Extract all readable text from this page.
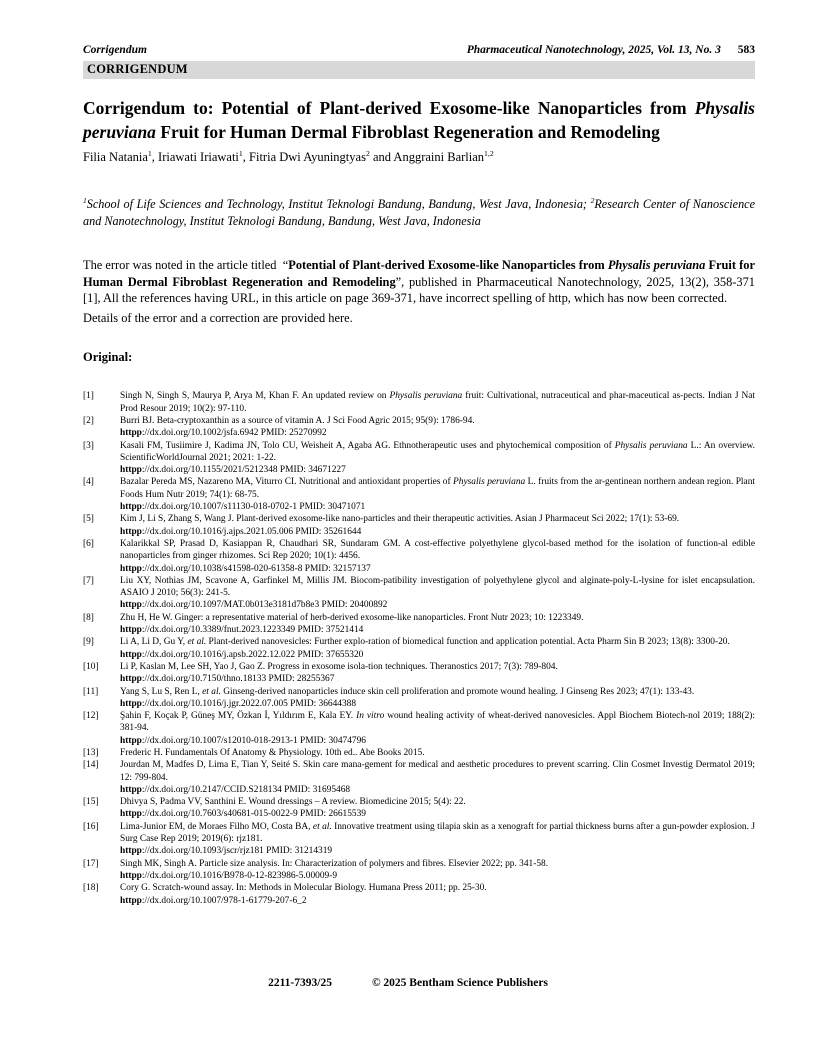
Corrigendum	Pharmaceutical Nanotechnology, 2025, Vol. 13, No. 3 583
CORRIGENDUM
Corrigendum to: Potential of Plant-derived Exosome-like Nanoparticles from Physalis peruviana Fruit for Human Dermal Fibroblast Regeneration and Remodeling
Filia Natania$^1$, Iriawati Iriawati$^1$, Fitria Dwi Ayuningtyas$^2$ and Anggraini Barlian$^{1,2}$
$^1$School of Life Sciences and Technology, Institut Teknologi Bandung, Bandung, West Java, Indonesia; $^2$Research Center of Nanoscience and Nanotechnology, Institut Teknologi Bandung, Bandung, West Java, Indonesia

The error was noted in the article titled  “Potential of Plant-derived Exosome-like Nanoparticles from Physalis peruviana Fruit for Human Dermal Fibroblast Regeneration and Remodeling”, published in Pharmaceutical Nanotechnology, 2025, 13(2), 358-371 [1], All the references having URL, in this article on page 369-371, have incorrect spelling of http, which has now been corrected.

Details of the error and a correction are provided here.

Original:
[1]	Singh N, Singh S, Maurya P, Arya M, Khan F. An updated review on Physalis peruviana fruit: Cultivational, nutraceutical and phar-maceutical as-pects. Indian J Nat Prod Resour 2019; 10(2): 97-110.
[2]	Burri BJ. Beta-cryptoxanthin as a source of vitamin A. J Sci Food Agric 2015; 95(9): 1786-94.
httpp://dx.doi.org/10.1002/jsfa.6942 PMID: 25270992
[3]	Kasali FM, Tusiimire J, Kadima JN, Tolo CU, Weisheit A, Agaba AG. Ethnotherapeutic uses and phytochemical composition of Physalis peruviana L.: An overview. ScientificWorldJournal 2021; 2021: 1-22.
httpp://dx.doi.org/10.1155/2021/5212348 PMID: 34671227
[4]	Bazalar Pereda MS, Nazareno MA, Viturro CI. Nutritional and antioxidant properties of Physalis peruviana L. fruits from the ar-gentinean northern andean region. Plant Foods Hum Nutr 2019; 74(1): 68-75.
httpp://dx.doi.org/10.1007/s11130-018-0702-1 PMID: 30471071
[5]	Kim J, Li S, Zhang S, Wang J. Plant-derived exosome-like nano-particles and their therapeutic activities. Asian J Pharmaceut Sci 2022; 17(1): 53-69.
httpp://dx.doi.org/10.1016/j.ajps.2021.05.006 PMID: 35261644
[6]	Kalarikkal SP, Prasad D, Kasiappan R, Chaudhari SR, Sundaram GM. A cost-effective polyethylene glycol-based method for the isolation of function-al edible nanoparticles from ginger rhizomes. Sci Rep 2020; 10(1): 4456.
httpp://dx.doi.org/10.1038/s41598-020-61358-8 PMID: 32157137
[7]	Liu XY, Nothias JM, Scavone A, Garfinkel M, Millis JM. Biocom-patibility investigation of polyethylene glycol and alginate-poly-L-lysine for islet encapsulation. ASAIO J 2010; 56(3): 241-5.
httpp://dx.doi.org/10.1097/MAT.0b013e3181d7b8e3 PMID: 20400892
[8]	Zhu H, He W. Ginger: a representative material of herb-derived exosome-like nanoparticles. Front Nutr 2023; 10: 1223349.
httpp://dx.doi.org/10.3389/fnut.2023.1223349 PMID: 37521414
[9]	Li A, Li D, Gu Y, et al. Plant-derived nanovesicles: Further explo-ration of biomedical function and application potential. Acta Pharm Sin B 2023; 13(8): 3300-20.
httpp://dx.doi.org/10.1016/j.apsb.2022.12.022 PMID: 37655320
[10] Li P, Kaslan M, Lee SH, Yao J, Gao Z. Progress in exosome isola-tion techniques. Theranostics 2017; 7(3): 789-804.
httpp://dx.doi.org/10.7150/thno.18133 PMID: 28255367
[11] Yang S, Lu S, Ren L, et al. Ginseng-derived nanoparticles induce skin cell proliferation and promote wound healing. J Ginseng Res 2023; 47(1): 133-43.
httpp://dx.doi.org/10.1016/j.jgr.2022.07.005 PMID: 36644388
[12] Şahin F, Koçak P, Güneş MY, Özkan İ, Yıldırım E, Kala EY. In vitro wound healing activity of wheat-derived nanovesicles. Appl Biochem Biotech-nol 2019; 188(2): 381-94.
httpp://dx.doi.org/10.1007/s12010-018-2913-1 PMID: 30474796
[13] Frederic H. Fundamentals Of Anatomy & Physiology. 10th ed.. Abe Books 2015.
[14] Jourdan M, Madfes D, Lima E, Tian Y, Seité S. Skin care mana-gement for medical and aesthetic procedures to prevent scarring. Clin Cosmet Investig Dermatol 2019; 12: 799-804.
httpp://dx.doi.org/10.2147/CCID.S218134 PMID: 31695468
[15] Dhivya S, Padma VV, Santhini E. Wound dressings – A review. Biomedicine 2015; 5(4): 22.
httpp://dx.doi.org/10.7603/s40681-015-0022-9 PMID: 26615539
[16] Lima-Junior EM, de Moraes Filho MO, Costa BA, et al. Innovative treatment using tilapia skin as a xenograft for partial thickness burns after a gun-powder explosion. J Surg Case Rep 2019; 2019(6): rjz181.
httpp://dx.doi.org/10.1093/jscr/rjz181 PMID: 31214319
[17] Singh MK, Singh A. Particle size analysis. In: Characterization of polymers and fibres. Elsevier 2022; pp. 341-58.
httpp://dx.doi.org/10.1016/B978-0-12-823986-5.00009-9
[18] Cory G. Scratch-wound assay. In: Methods in Molecular Biology. Humana Press 2011; pp. 25-30.
httpp://dx.doi.org/10.1007/978-1-61779-207-6_2
2211-7393/25	© 2025 Bentham Science Publishers
